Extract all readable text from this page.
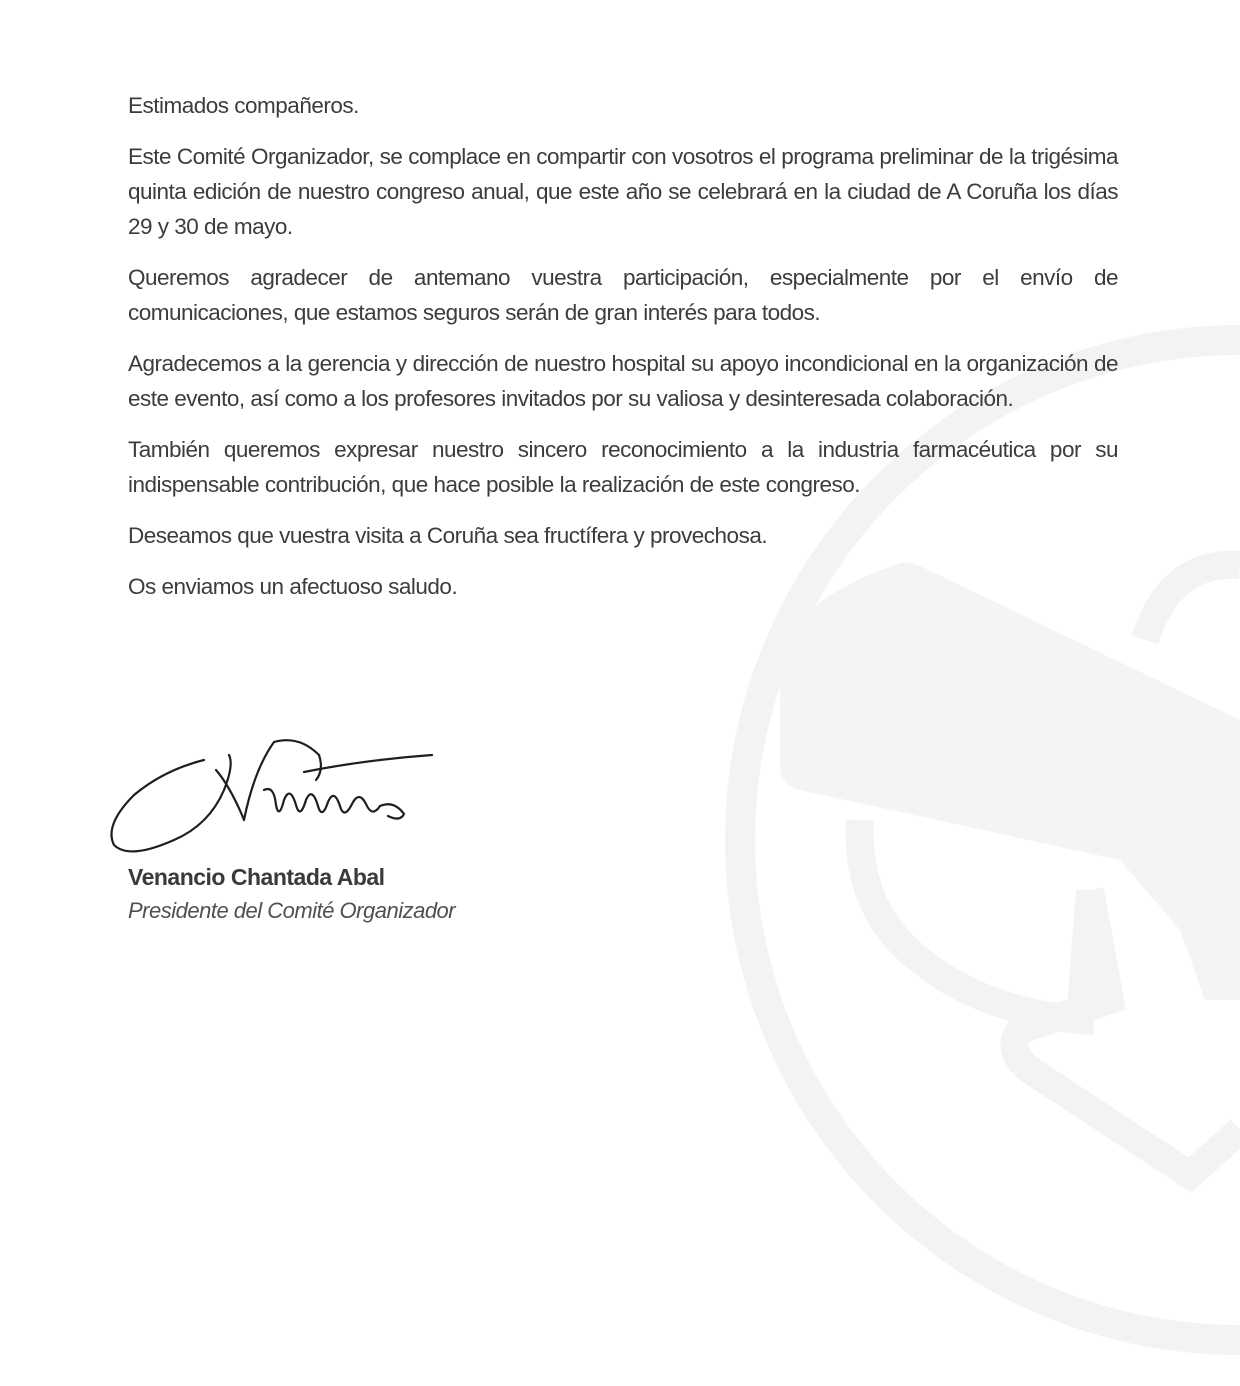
Estimados compañeros.

Este Comité Organizador, se complace en compartir con vosotros el programa preliminar de la trigésima quinta edición de nuestro congreso anual, que este año se celebrará en la ciudad de A Coruña los días 29 y 30 de mayo.

Queremos agradecer de antemano vuestra participación, especialmente por el envío de comunicaciones, que estamos seguros serán de gran interés para todos.

Agradecemos a la gerencia y dirección de nuestro hospital su apoyo incondicional en la organización de este evento, así como a los profesores invitados por su valiosa y desinteresada colaboración.

También queremos expresar nuestro sincero reconocimiento a la industria farmacéutica por su indispensable contribución, que hace posible la realización de este congreso.

Deseamos que vuestra visita a Coruña sea fructífera y provechosa.

Os enviamos un afectuoso saludo.

Venancio Chantada Abal
Presidente del Comité Organizador
